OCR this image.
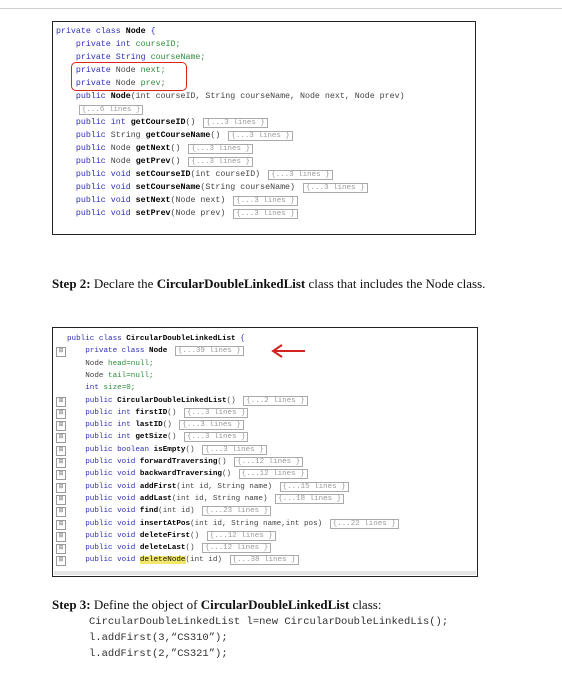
private class Node {
private int courseID;
private String courseName;
private Node next;
private Node prev;
public Node(int courseID, String courseName, Node next, Node prev)
{...6 lines }
public int getCourseID() {...3 lines }
public String getCourseName() {...3 lines }
public Node getNext() {...3 lines }
public Node getPrev() {...3 lines }
public void setCourseID(int courseID) {...3 lines }
public void setCourseName(String courseName) {...3 lines }
public void setNext(Node next) {...3 lines }
public void setPrev(Node prev) {...3 lines }
Step 2: Declare the CircularDoubleLinkedList class that includes the Node class.
public class CircularDoubleLinkedList {
⊞ private class Node {...39 lines }
Node head=null;
Node tail=null;
int size=0;
⊞ public CircularDoubleLinkedList() {...2 lines }
⊞ public int firstID() {...3 lines }
⊞ public int lastID() {...3 lines }
⊞ public int getSize() {...3 lines }
⊞ public boolean isEmpty() {...3 lines }
⊞ public void forwardTraversing() {...12 lines }
⊞ public void backwardTraversing() {...12 lines }
⊞ public void addFirst(int id, String name) {...15 lines }
⊞ public void addLast(int id, String name) {...18 lines }
⊞ public void find(int id) {...23 lines }
⊞ public void insertAtPos(int id, String name,int pos) {...22 lines }
⊞ public void deleteFirst() {...12 lines }
⊞ public void deleteLast() {...12 lines }
⊞ public void deleteNode(int id) {...38 lines }
Step 3: Define the object of CircularDoubleLinkedList class:
CircularDoubleLinkedList l=new CircularDoubleLinkedLis();
l.addFirst(3,“CS310”);
l.addFirst(2,”CS321”);
